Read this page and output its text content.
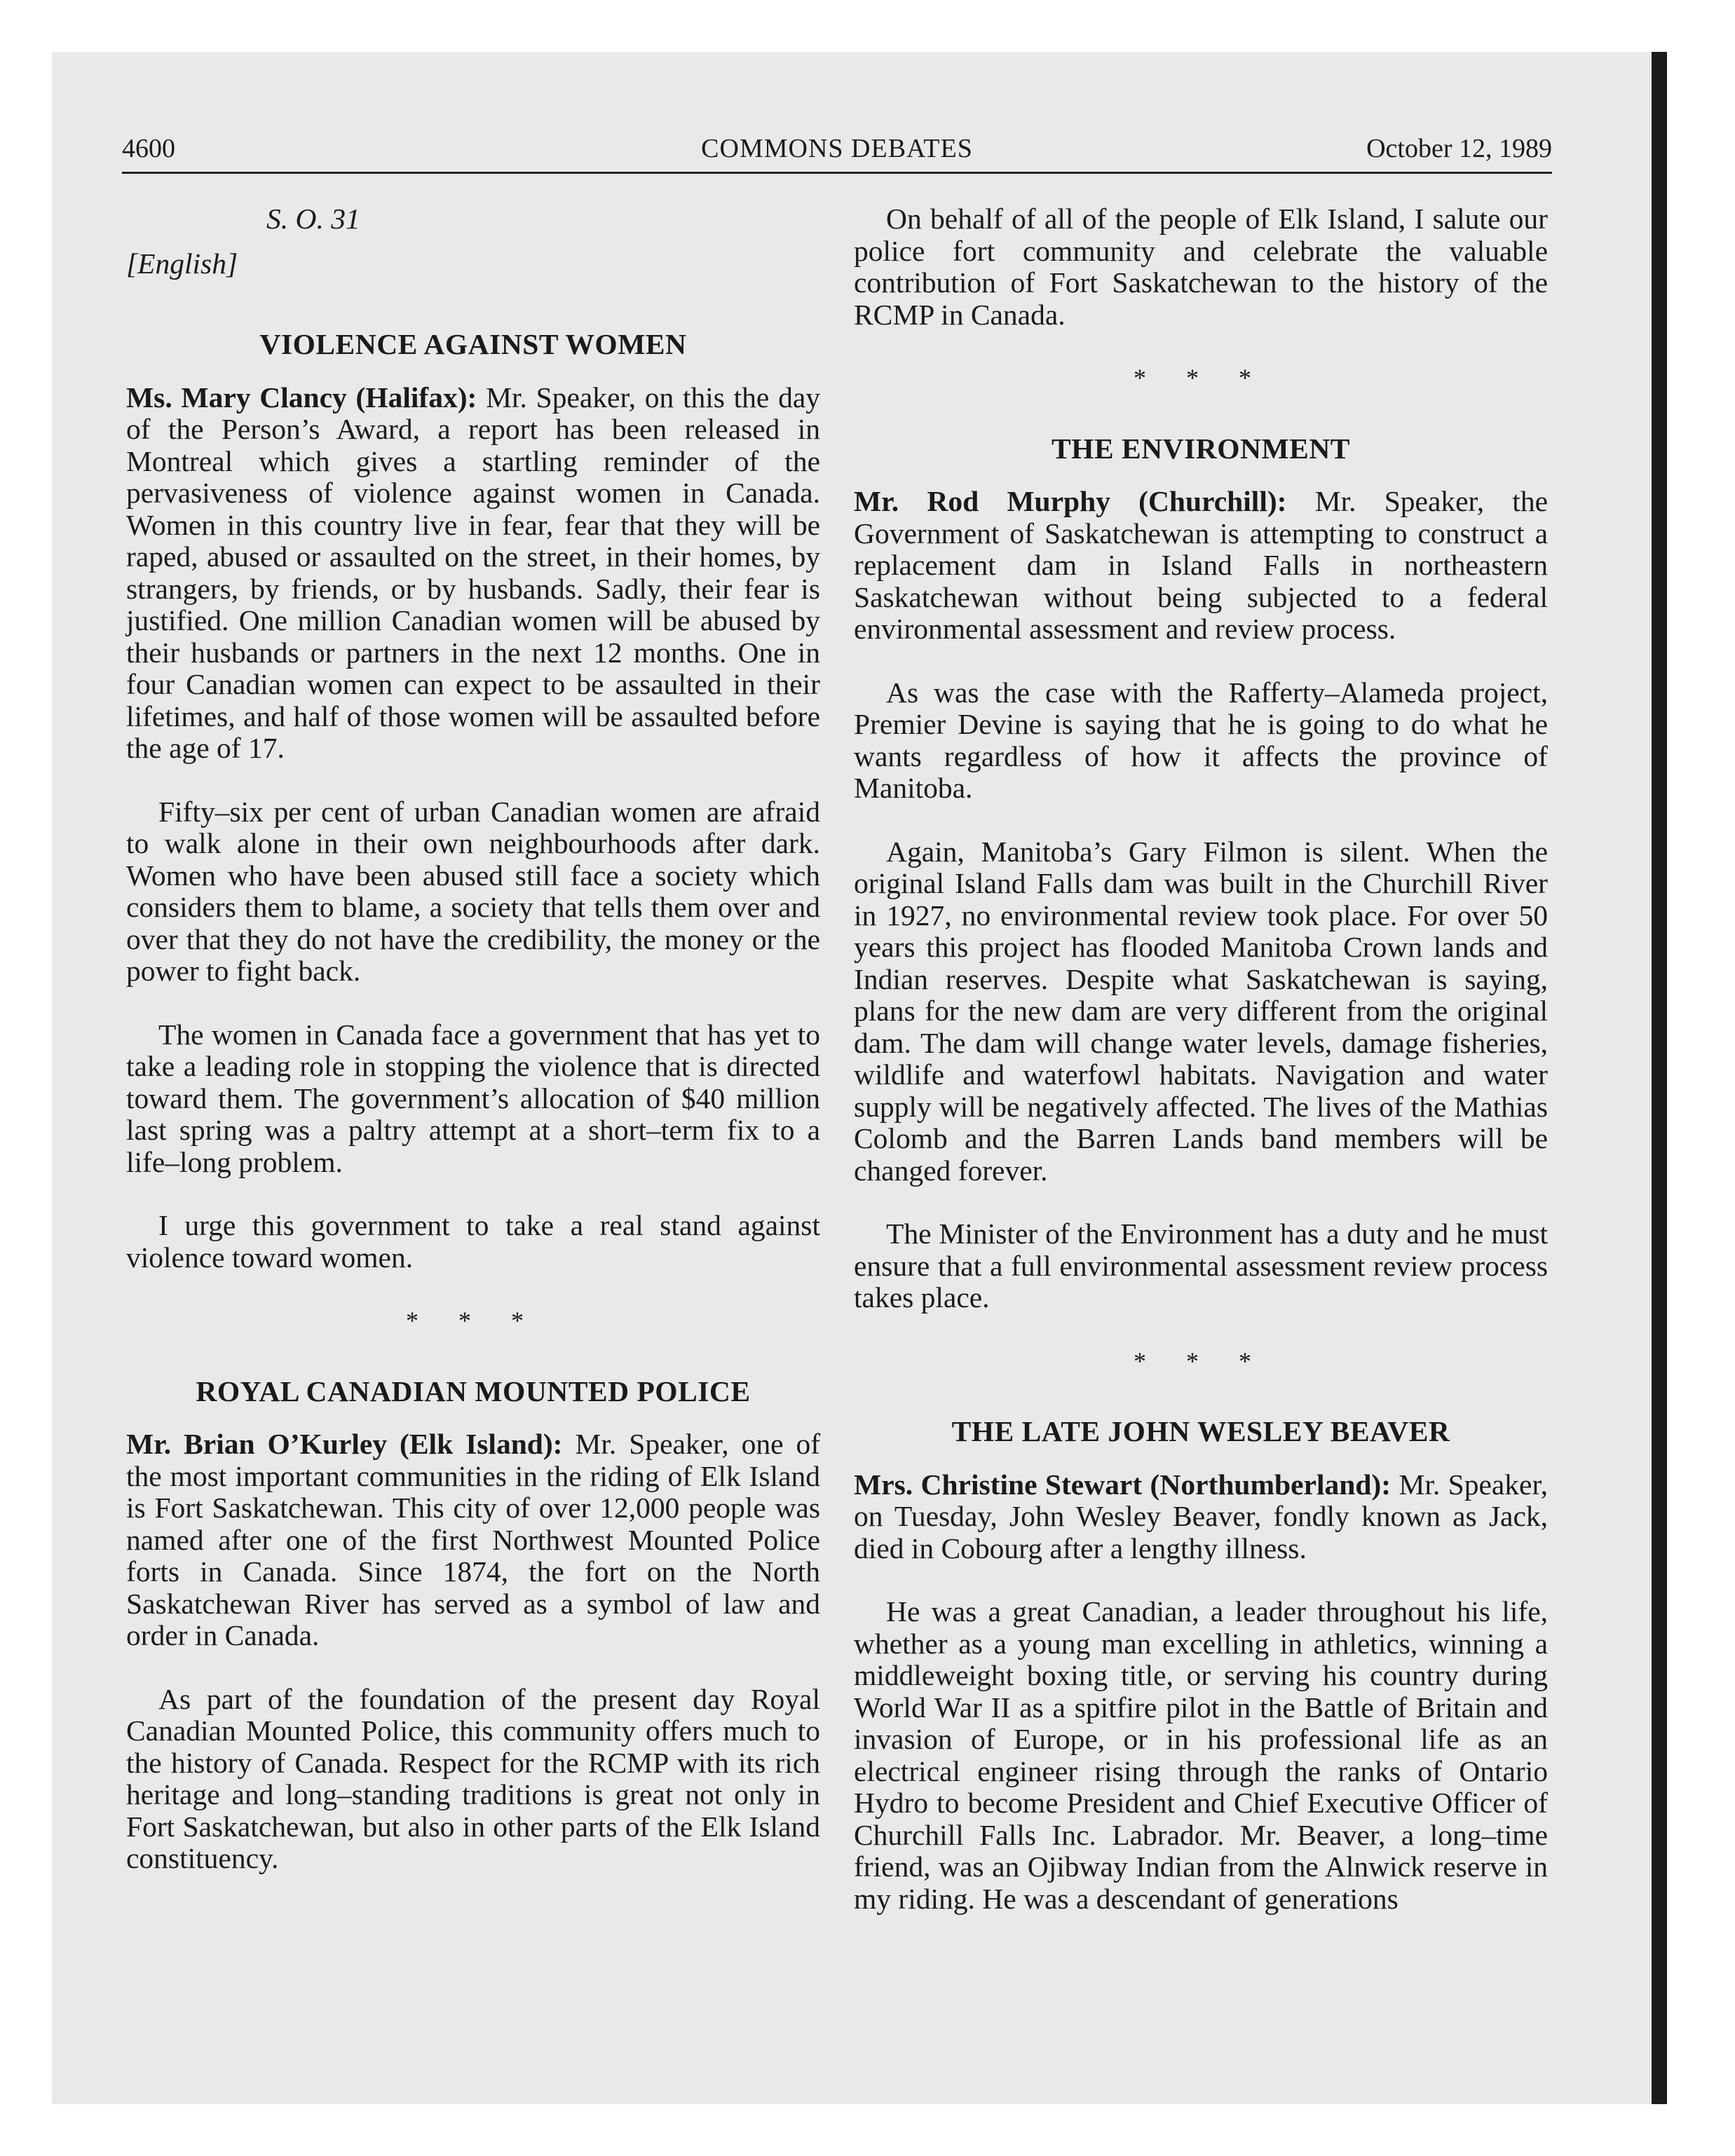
4600	COMMONS DEBATES	October 12, 1989
S. O. 31
[English]
VIOLENCE AGAINST WOMEN

Ms. Mary Clancy (Halifax): Mr. Speaker, on this the day of the Person’s Award, a report has been released in Montreal which gives a startling reminder of the pervasiveness of violence against women in Canada. Women in this country live in fear, fear that they will be raped, abused or assaulted on the street, in their homes, by strangers, by friends, or by husbands. Sadly, their fear is justified. One million Canadian women will be abused by their husbands or partners in the next 12 months. One in four Canadian women can expect to be assaulted in their lifetimes, and half of those women will be assaulted before the age of 17.

Fifty–six per cent of urban Canadian women are afraid to walk alone in their own neighbourhoods after dark. Women who have been abused still face a society which considers them to blame, a society that tells them over and over that they do not have the credibility, the money or the power to fight back.

The women in Canada face a government that has yet to take a leading role in stopping the violence that is directed toward them. The government’s allocation of $40 million last spring was a paltry attempt at a short–term fix to a life–long problem.

I urge this government to take a real stand against violence toward women.

* * *
ROYAL CANADIAN MOUNTED POLICE

Mr. Brian O’Kurley (Elk Island): Mr. Speaker, one of the most important communities in the riding of Elk Island is Fort Saskatchewan. This city of over 12,000 people was named after one of the first Northwest Mounted Police forts in Canada. Since 1874, the fort on the North Saskatchewan River has served as a symbol of law and order in Canada.

As part of the foundation of the present day Royal Canadian Mounted Police, this community offers much to the history of Canada. Respect for the RCMP with its rich heritage and long–standing traditions is great not only in Fort Saskatchewan, but also in other parts of the Elk Island constituency.

On behalf of all of the people of Elk Island, I salute our police fort community and celebrate the valuable contribution of Fort Saskatchewan to the history of the RCMP in Canada.

* * *
THE ENVIRONMENT

Mr. Rod Murphy (Churchill): Mr. Speaker, the Government of Saskatchewan is attempting to construct a replacement dam in Island Falls in northeastern Saskatchewan without being subjected to a federal environmental assessment and review process.

As was the case with the Rafferty–Alameda project, Premier Devine is saying that he is going to do what he wants regardless of how it affects the province of Manitoba.

Again, Manitoba’s Gary Filmon is silent. When the original Island Falls dam was built in the Churchill River in 1927, no environmental review took place. For over 50 years this project has flooded Manitoba Crown lands and Indian reserves. Despite what Saskatchewan is saying, plans for the new dam are very different from the original dam. The dam will change water levels, damage fisheries, wildlife and waterfowl habitats. Navigation and water supply will be negatively affected. The lives of the Mathias Colomb and the Barren Lands band members will be changed forever.

The Minister of the Environment has a duty and he must ensure that a full environmental assessment review process takes place.

* * *
THE LATE JOHN WESLEY BEAVER

Mrs. Christine Stewart (Northumberland): Mr. Speaker, on Tuesday, John Wesley Beaver, fondly known as Jack, died in Cobourg after a lengthy illness.

He was a great Canadian, a leader throughout his life, whether as a young man excelling in athletics, winning a middleweight boxing title, or serving his country during World War II as a spitfire pilot in the Battle of Britain and invasion of Europe, or in his professional life as an electrical engineer rising through the ranks of Ontario Hydro to become President and Chief Executive Officer of Churchill Falls Inc. Labrador. Mr. Beaver, a long–time friend, was an Ojibway Indian from the Alnwick reserve in my riding. He was a descendant of generations
